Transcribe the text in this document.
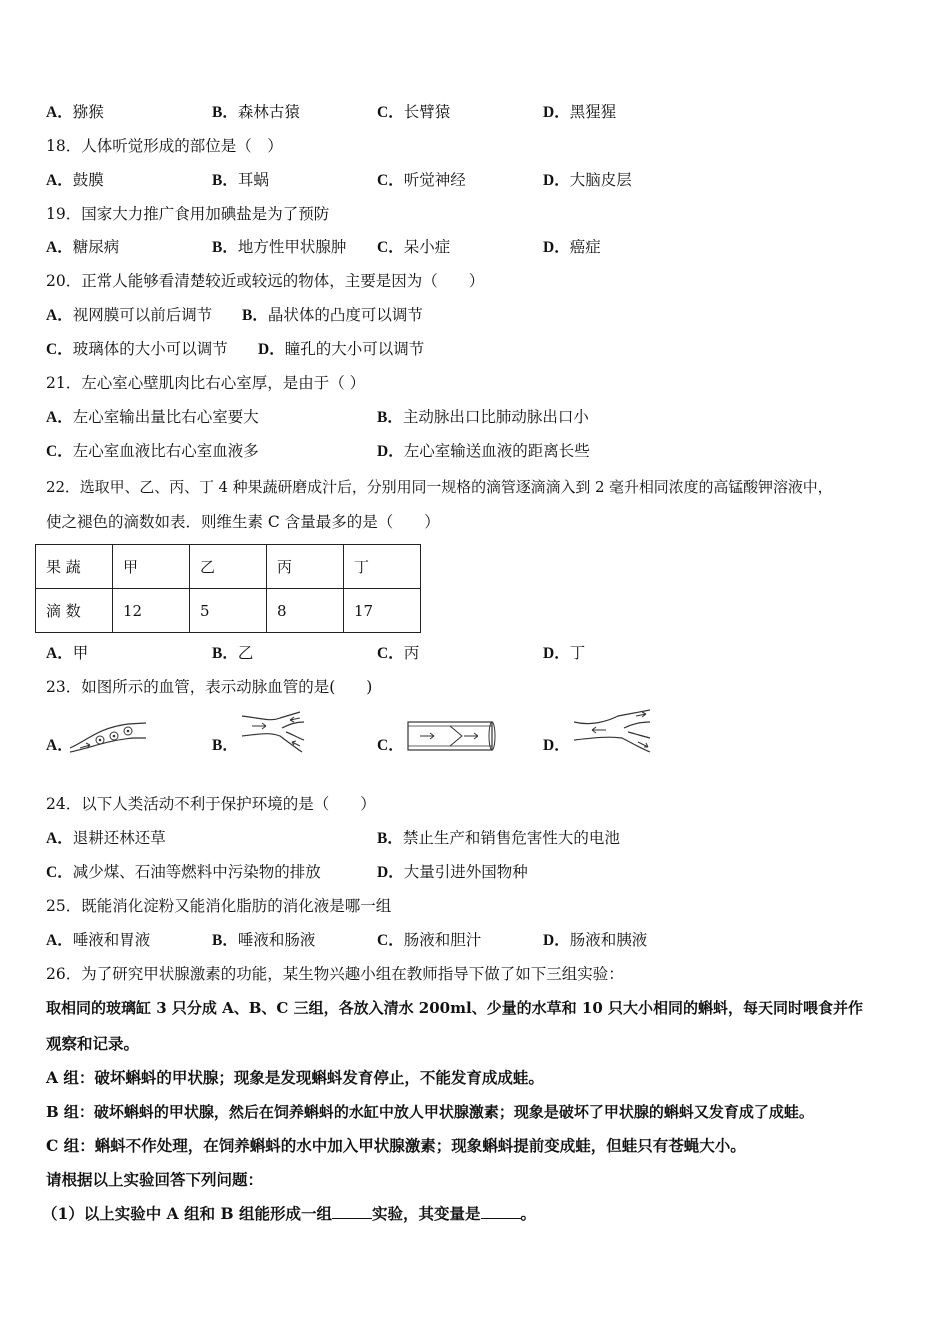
A．猕猴	B．森林古猿	C．长臂猿	D．黑猩猩
18．人体听觉形成的部位是（　）
A．鼓膜	B．耳蜗	C．听觉神经	D．大脑皮层
19．国家大力推广食用加碘盐是为了预防
A．糖尿病	B．地方性甲状腺肿 C．呆小症	D．癌症
20．正常人能够看清楚较近或较远的物体，主要是因为（　　）
A．视网膜可以前后调节 B．晶状体的凸度可以调节
C．玻璃体的大小可以调节 D．瞳孔的大小可以调节
21．左心室心壁肌肉比右心室厚，是由于（ ）
A．左心室输出量比右心室要大	B．主动脉出口比肺动脉出口小
C．左心室血液比右心室血液多	D．左心室输送血液的距离长些
22．选取甲、乙、丙、丁 4 种果蔬研磨成汁后，分别用同一规格的滴管逐滴滴入到 2 毫升相同浓度的高锰酸钾溶液中，
使之褪色的滴数如表．则维生素 C 含量最多的是（　　）
果 蔬	甲	乙	丙	丁
滴 数	12	5	8	17
A．甲	B．乙	C．丙	D．丁
23．如图所示的血管，表示动脉血管的是(　　)
A．	B．	C．	D．
24．以下人类活动不利于保护环境的是（　　）
A．退耕还林还草	B．禁止生产和销售危害性大的电池
C．减少煤、石油等燃料中污染物的排放	D．大量引进外国物种
25．既能消化淀粉又能消化脂肪的消化液是哪一组
A．唾液和胃液	B．唾液和肠液	C．肠液和胆汁	D．肠液和胰液
26．为了研究甲状腺激素的功能，某生物兴趣小组在教师指导下做了如下三组实验：
取相同的玻璃缸 3 只分成 A、B、C 三组，各放入清水 200ml、少量的水草和 10 只大小相同的蝌蚪，每天同时喂食并作
观察和记录。
A 组：破坏蝌蚪的甲状腺；现象是发现蝌蚪发育停止，不能发育成成蛙。
B 组：破坏蝌蚪的甲状腺，然后在饲养蝌蚪的水缸中放人甲状腺激素；现象是破坏了甲状腺的蝌蚪又发育成了成蛙。
C 组：蝌蚪不作处理，在饲养蝌蚪的水中加入甲状腺激素；现象蝌蚪提前变成蛙，但蛙只有苍蝇大小。
请根据以上实验回答下列问题：
（1）以上实验中 A 组和 B 组能形成一组	实验，其变量是	。
